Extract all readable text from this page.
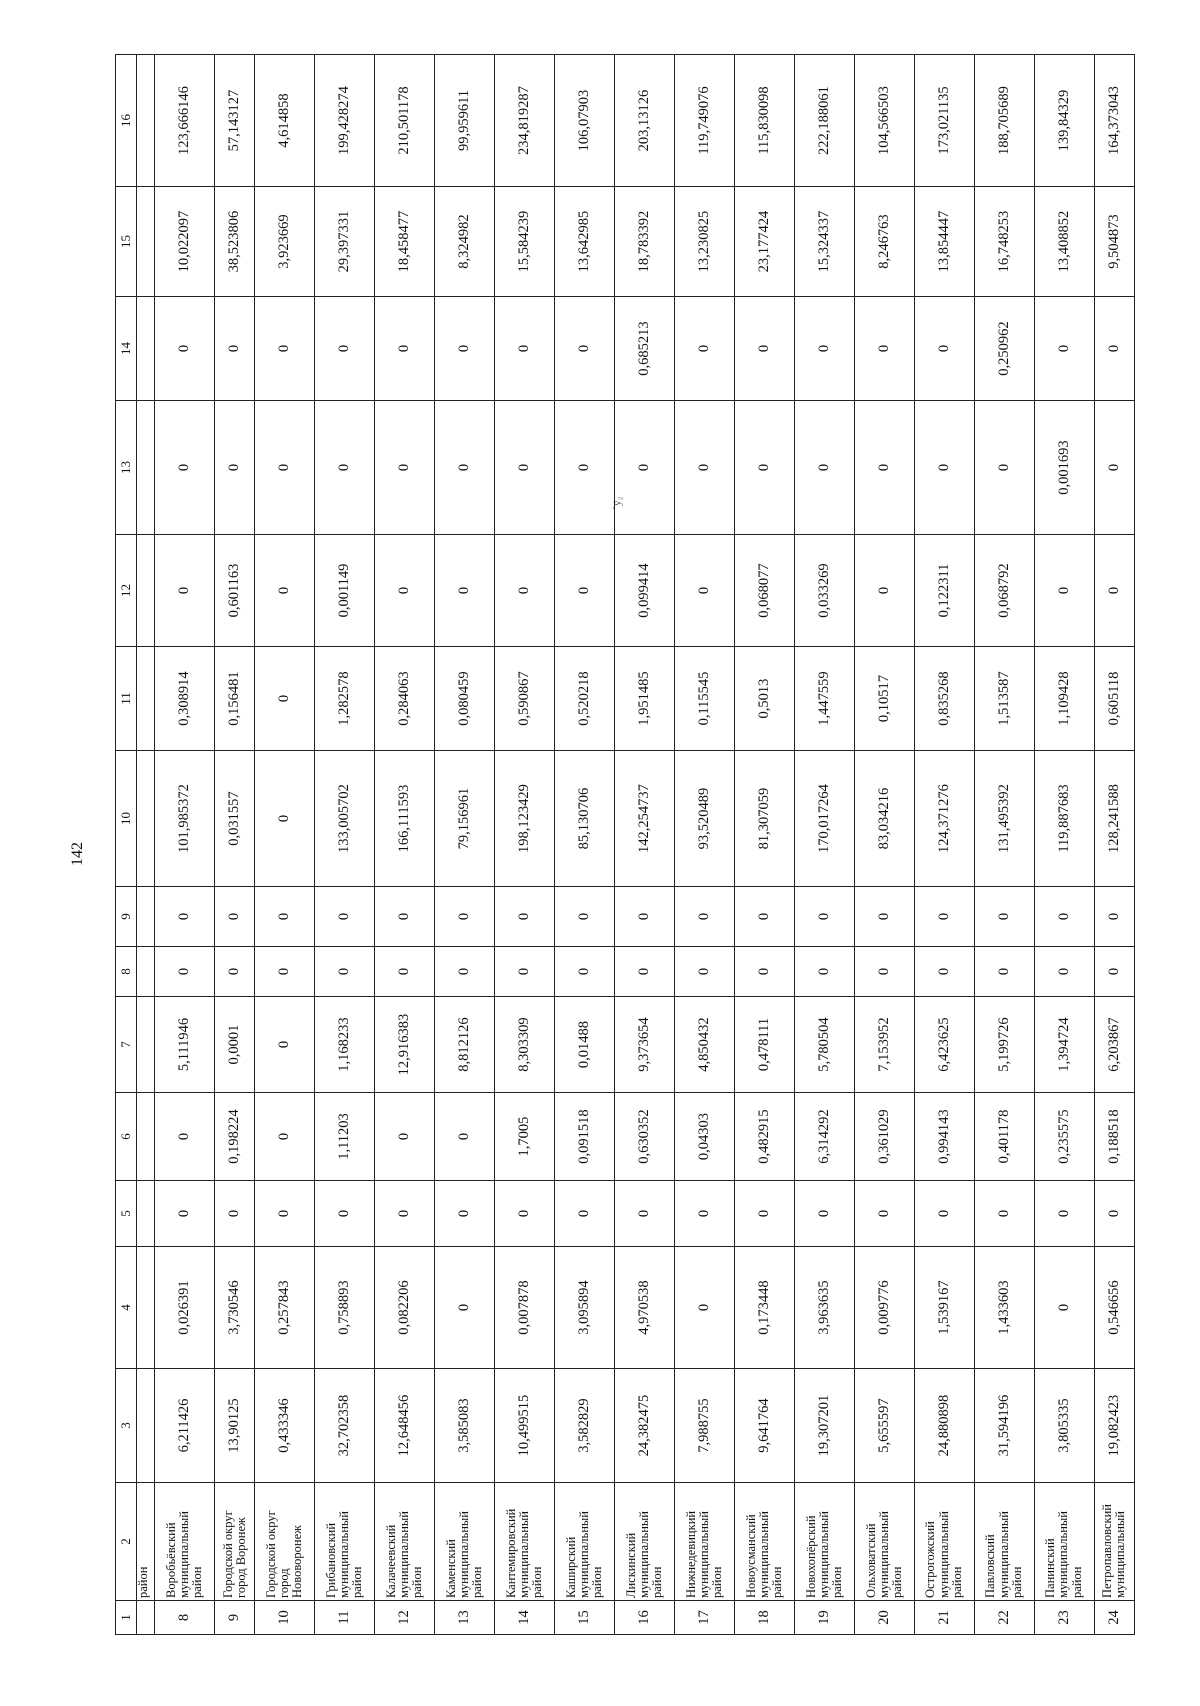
142
`ý₂
1	2	3	4	5	6	7	8	9	10	11	12	13	14	15	16
	район														
8	Воробьёвский
муниципальный
район	6,211426	0,026391	0	0	5,111946	0	0	101,985372	0,308914	0	0	0	10,022097	123,666146
9	Городской округ
город Воронеж	13,90125	3,730546	0	0,198224	0,0001	0	0	0,031557	0,156481	0,601163	0	0	38,523806	57,143127
10	Городской округ
город
Нововоронеж	0,433346	0,257843	0	0	0	0	0	0	0	0	0	0	3,923669	4,614858
11	Грибановский
муниципальный
район	32,702358	0,758893	0	1,11203	1,168233	0	0	133,005702	1,282578	0,001149	0	0	29,397331	199,428274
12	Калачеевский
муниципальный
район	12,648456	0,082206	0	0	12,916383	0	0	166,111593	0,284063	0	0	0	18,458477	210,501178
13	Каменский
муниципальный
район	3,585083	0	0	0	8,812126	0	0	79,156961	0,080459	0	0	0	8,324982	99,959611
14	Кантемировский
муниципальный
район	10,499515	0,007878	0	1,7005	8,303309	0	0	198,123429	0,590867	0	0	0	15,584239	234,819287
15	Каширский
муниципальный
район	3,582829	3,095894	0	0,091518	0,01488	0	0	85,130706	0,520218	0	0	0	13,642985	106,07903
16	Лискинский
муниципальный
район	24,382475	4,970538	0	0,630352	9,373654	0	0	142,254737	1,951485	0,099414	0	0,685213	18,783392	203,13126
17	Нижнедевицкий
муниципальный
район	7,988755	0	0	0,04303	4,850432	0	0	93,520489	0,115545	0	0	0	13,230825	119,749076
18	Новоусманский
муниципальный
район	9,641764	0,173448	0	0,482915	0,478111	0	0	81,307059	0,5013	0,068077	0	0	23,177424	115,830098
19	Новохопёрский
муниципальный
район	19,307201	3,963635	0	6,314292	5,780504	0	0	170,017264	1,447559	0,033269	0	0	15,324337	222,188061
20	Ольховатский
муниципальный
район	5,655597	0,009776	0	0,361029	7,153952	0	0	83,034216	0,10517	0	0	0	8,246763	104,566503
21	Острогожский
муниципальный
район	24,880898	1,539167	0	0,994143	6,423625	0	0	124,371276	0,835268	0,122311	0	0	13,854447	173,021135
22	Павловский
муниципальный
район	31,594196	1,433603	0	0,401178	5,199726	0	0	131,495392	1,513587	0,068792	0	0,250962	16,748253	188,705689
23	Панинский
муниципальный
район	3,805335	0	0	0,235575	1,394724	0	0	119,887683	1,109428	0	0,001693	0	13,408852	139,84329
24	Петропавловский
муниципальный	19,082423	0,546656	0	0,188518	6,203867	0	0	128,241588	0,605118	0	0	0	9,504873	164,373043
